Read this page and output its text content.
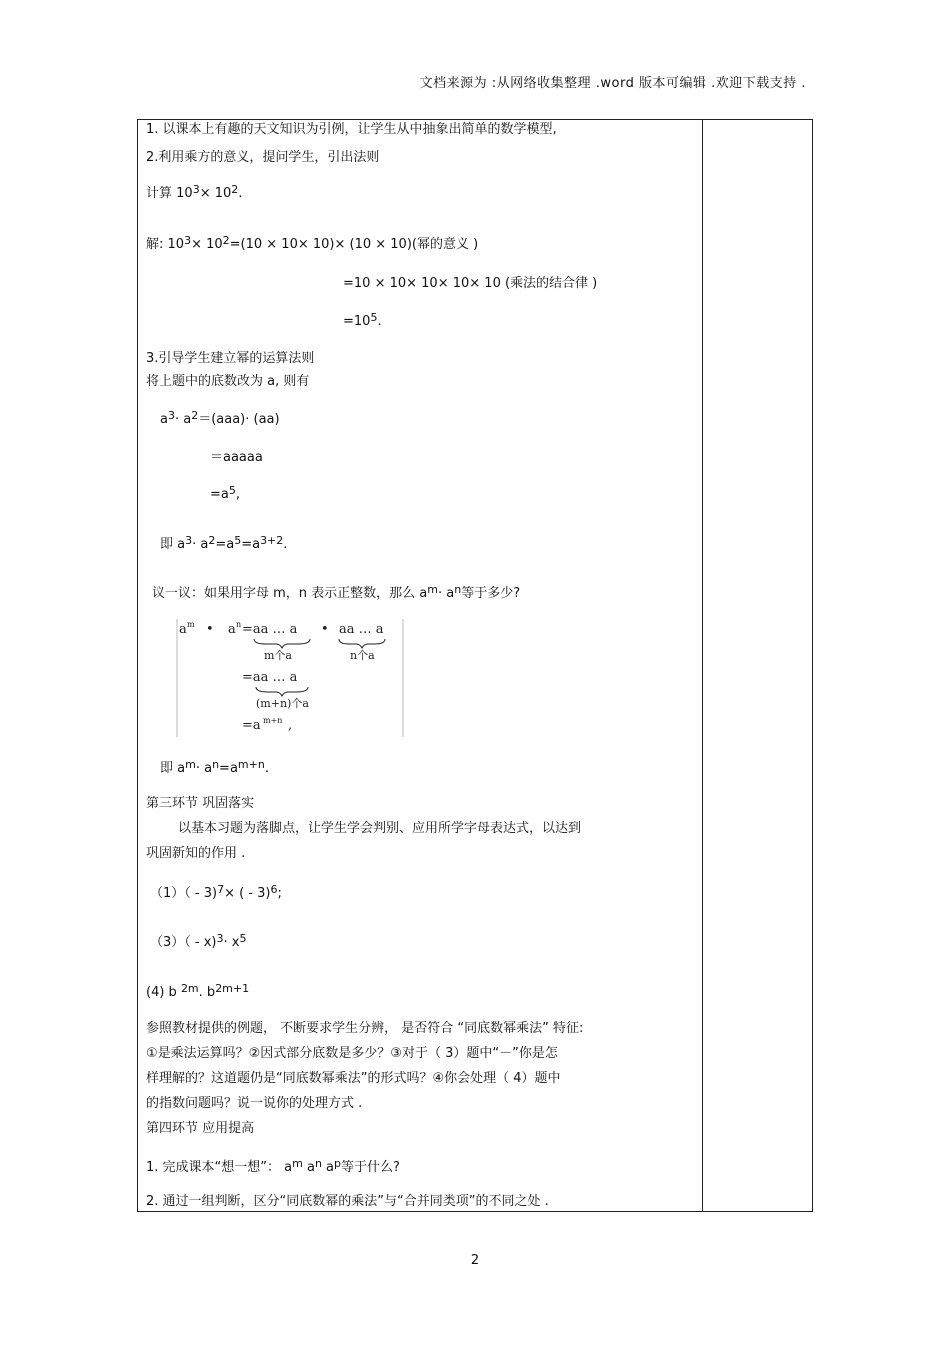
文档来源为 :从网络收集整理 .word 版本可编辑 .欢迎下载支持 .
1. 以课本上有趣的天文知识为引例，让学生从中抽象出简单的数学模型,
2.利用乘方的意义，提问学生，引出法则
计算 $10^3\times 10^2$.
解: $10^3\times 10^2=(10 \times 10\times 10)\times (10 \times 10)$(幂的意义 )
=10 × 10× 10× 10× 10 (乘法的结合律 )
$=10^5$.
3.引导学生建立幂的运算法则
将上题中的底数改为 a, 则有
$a^3\cdot a^2=(aaa)\cdot (aa)$
＝aaaaa
$=a^5$,
即 $a^3\cdot a^2=a^5=a^{3+2}$.
议一议：如果用字母 m，n 表示正整数，那么 $a^m\cdot a^n$等于多少?
a m • a n =aa … a • aa … a
m个a	n个a
=aa … a
(m+n)个a
=a m+n ,
即 $a^m\cdot a^n=a^{m+n}$.
第三环节 巩固落实
以基本习题为落脚点，让学生学会判别、应用所学字母表达式，以达到
巩固新知的作用 .
（1）（ - 3)$^7$× ( - 3)$^6$;
$(3)( - x)^3\cdot x^5$
(4) b $^{2m}$. $b^{2m+1}$
参照教材提供的例题， 不断要求学生分辨， 是否符合 “同底数幂乘法” 特征:
①是乘法运算吗？②因式部分底数是多少？③对于（ 3）题中“－”你是怎
样理解的？这道题仍是“同底数幂乘法”的形式吗？④你会处理（ 4）题中
的指数问题吗？说一说你的处理方式 .
第四环节 应用提高
1. 完成课本“想一想”： $a^m$ $a^n$ $a^p$等于什么?
2. 通过一组判断，区分“同底数幂的乘法”与“合并同类项”的不同之处 .
2
